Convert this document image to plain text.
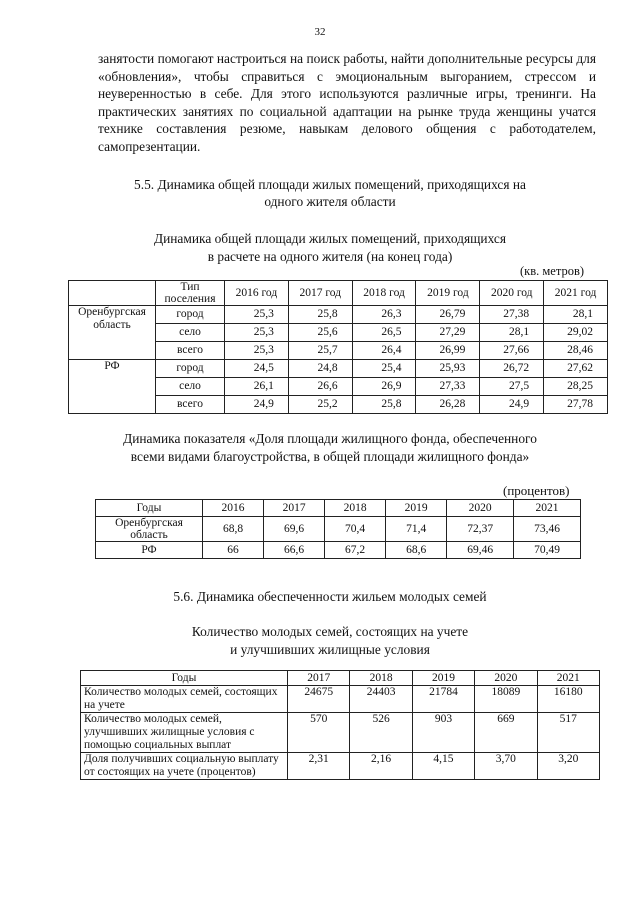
32

занятости помогают настроиться на поиск работы, найти дополнительные ресурсы для «обновления», чтобы справиться с эмоциональным выгоранием, стрессом и неуверенностью в себе. Для этого используются различные игры, тренинги. На практических занятиях по социальной адаптации на рынке труда женщины учатся технике составления резюме, навыкам делового общения с работодателем, самопрезентации.

5.5. Динамика общей площади жилых помещений, приходящихся на
одного жителя области

Динамика общей площади жилых помещений, приходящихся
в расчете на одного жителя (на конец года)

(кв. метров)
	Тип поселения	2016 год	2017 год	2018 год	2019 год	2020 год	2021 год
Оренбургская область	город	25,3	25,8	26,3	26,79	27,38	28,1
	село	25,3	25,6	26,5	27,29	28,1	29,02
	всего	25,3	25,7	26,4	26,99	27,66	28,46
РФ	город	24,5	24,8	25,4	25,93	26,72	27,62
	село	26,1	26,6	26,9	27,33	27,5	28,25
	всего	24,9	25,2	25,8	26,28	24,9	27,78

Динамика показателя «Доля площади жилищного фонда, обеспеченного
всеми видами благоустройства, в общей площади жилищного фонда»

(процентов)
Годы	2016	2017	2018	2019	2020	2021
Оренбургская область	68,8	69,6	70,4	71,4	72,37	73,46
РФ	66	66,6	67,2	68,6	69,46	70,49

5.6. Динамика обеспеченности жильем молодых семей

Количество молодых семей, состоящих на учете
и улучшивших жилищные условия

Годы	2017	2018	2019	2020	2021
Количество молодых семей, состоящих на учете	24675	24403	21784	18089	16180
Количество молодых семей, улучшивших жилищные условия с помощью социальных выплат	570	526	903	669	517
Доля получивших социальную выплату от состоящих на учете (процентов)	2,31	2,16	4,15	3,70	3,20
